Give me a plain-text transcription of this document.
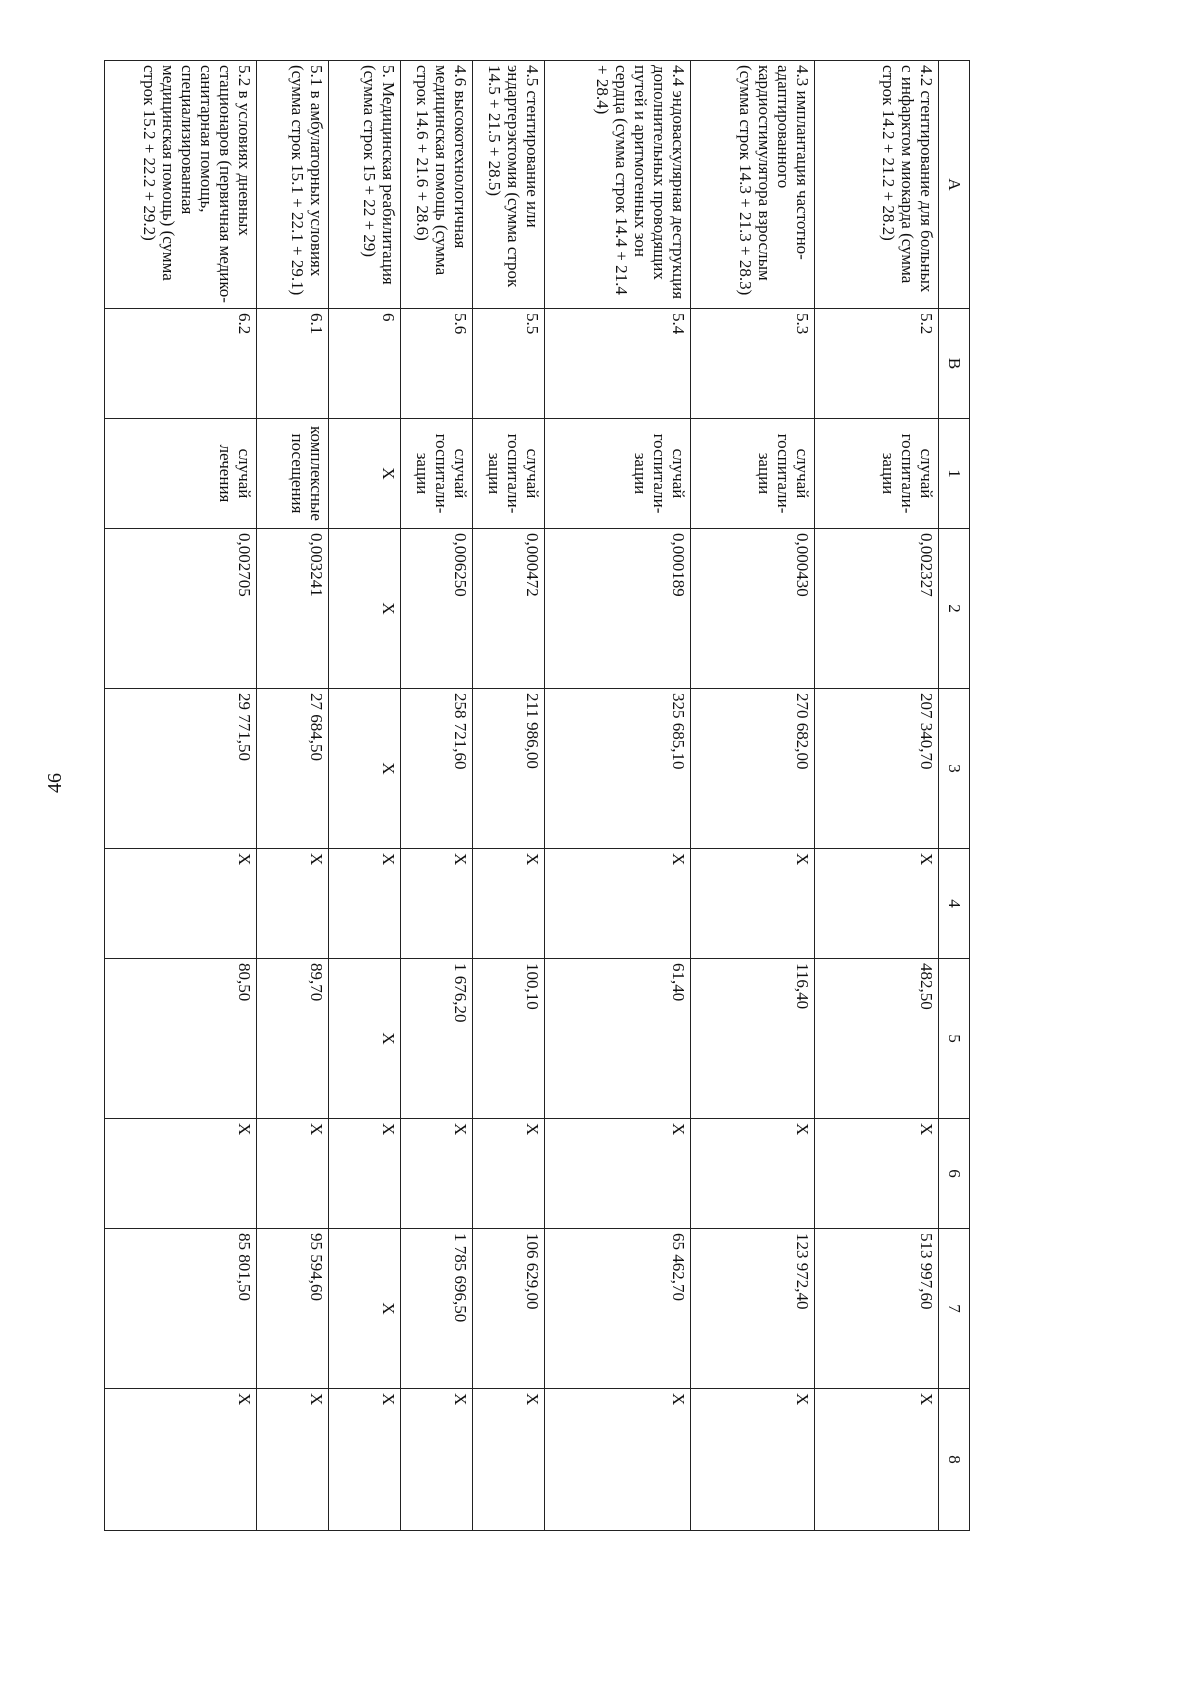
46
A	B	1	2	3	4	5	6	7	8
4.2 стентирование для больных с инфарктом миокарда (сумма строк 14.2 + 21.2 + 28.2)	5.2	случай госпитали-зации	0,002327	207 340,70	X	482,50	X	513 997,60	X
4.3 имплантация частотно-адаптированного кардиостимулятора взрослым (сумма строк 14.3 + 21.3 + 28.3)	5.3	случай госпитали-зации	0,000430	270 682,00	X	116,40	X	123 972,40	X
4.4 эндоваскулярная деструкция дополнительных проводящих путей и аритмогенных зон сердца (сумма строк 14.4 + 21.4 + 28.4)	5.4	случай госпитали-зации	0,000189	325 685,10	X	61,40	X	65 462,70	X
4.5 стентирование или эндартерэктомия (сумма строк 14.5 + 21.5 + 28.5)	5.5	случай госпитали-зации	0,000472	211 986,00	X	100,10	X	106 629,00	X
4.6 высокотехнологичная медицинская помощь (сумма строк 14.6 + 21.6 + 28.6)	5.6	случай госпитали-зации	0,006250	258 721,60	X	1 676,20	X	1 785 696,50	X
5. Медицинская реабилитация (сумма строк 15 + 22 + 29)	6	X	X	X	X	X	X	X	X
5.1 в амбулаторных условиях (сумма строк 15.1 + 22.1 + 29.1)	6.1	комплексные посещения	0,003241	27 684,50	X	89,70	X	95 594,60	X
5.2 в условиях дневных стационаров (первичная медико-санитарная помощь, специализированная медицинская помощь) (сумма строк 15.2 + 22.2 + 29.2)	6.2	случай лечения	0,002705	29 771,50	X	80,50	X	85 801,50	X
